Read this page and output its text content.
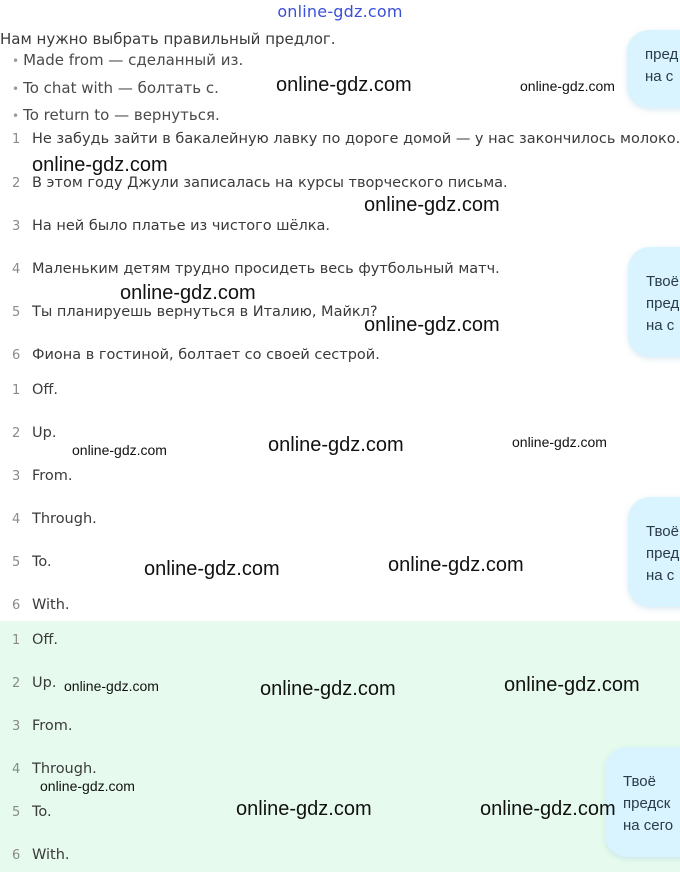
online-gdz.com
Нам нужно выбрать правильный предлог.
• Made from — сделанный из.
• To chat with — болтать с.
• To return to — вернуться.
1 Не забудь зайти в бакалейную лавку по дороге домой — у нас закончилось молоко.
2 В этом году Джули записалась на курсы творческого письма.
3 На ней было платье из чистого шёлка.
4 Маленьким детям трудно просидеть весь футбольный матч.
5 Ты планируешь вернуться в Италию, Майкл?
6 Фиона в гостиной, болтает со своей сестрой.
1 Off.
2 Up.
3 From.
4 Through.
5 To.
6 With.
1 Off.
2 Up.
3 From.
4 Through.
5 To.
6 With.
пред
на с
Твоё
пред
на с
Твоё
пред
на с
Твоё
предск
на сего
online-gdz.com	online-gdz.com
online-gdz.com
online-gdz.com
online-gdz.com
online-gdz.com
online-gdz.com
online-gdz.com	online-gdz.com
online-gdz.com	online-gdz.com
online-gdz.com	online-gdz.com	online-gdz.com
online-gdz.com
online-gdz.com	online-gdz.com
